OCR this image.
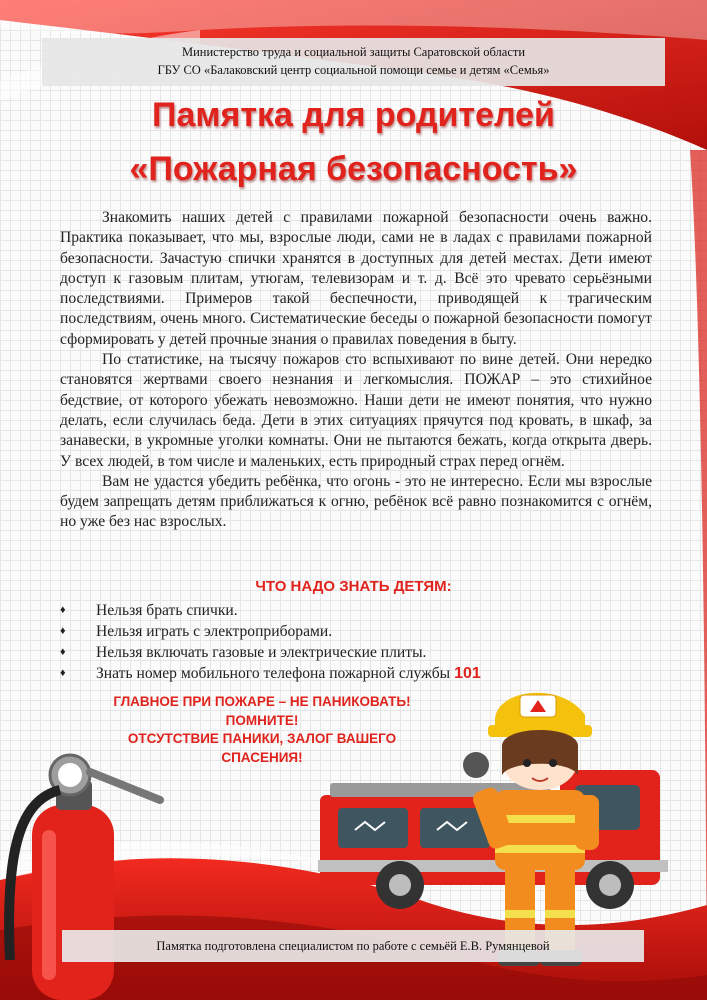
Министерство труда и социальной защиты Саратовской области
ГБУ СО «Балаковский центр социальной помощи семье и детям «Семья»
Памятка для родителей
«Пожарная безопасность»

Знакомить наших детей с правилами пожарной безопасности очень важно. Практика показывает, что мы, взрослые люди, сами не в ладах с правилами пожарной безопасности. Зачастую спички хранятся в доступных для детей местах. Дети имеют доступ к газовым плитам, утюгам, телевизорам и т. д. Всё это чревато серьёзными последствиями. Примеров такой беспечности, приводящей к трагическим последствиям, очень много. Систематические беседы о пожарной безопасности помогут сформировать у детей прочные знания о правилах поведения в быту.

По статистике, на тысячу пожаров сто вспыхивают по вине детей. Они нередко становятся жертвами своего незнания и легкомыслия. ПОЖАР – это стихийное бедствие, от которого убежать невозможно. Наши дети не имеют понятия, что нужно делать, если случилась беда. Дети в этих ситуациях прячутся под кровать, в шкаф, за занавески, в укромные уголки комнаты. Они не пытаются бежать, когда открыта дверь. У всех людей, в том числе и маленьких, есть природный страх перед огнём.

Вам не удастся убедить ребёнка, что огонь - это не интересно. Если мы взрослые будем запрещать детям приближаться к огню, ребёнок всё равно познакомится с огнём, но уже без нас взрослых.

ЧТО НАДО ЗНАТЬ ДЕТЯМ:
♦ Нельзя брать спички.
♦ Нельзя играть с электроприборами.
♦ Нельзя включать газовые и электрические плиты.
♦ Знать номер мобильного телефона пожарной службы 101
ГЛАВНОЕ ПРИ ПОЖАРЕ – НЕ ПАНИКОВАТЬ!
ПОМНИТЕ!
ОТСУТСТВИЕ ПАНИКИ, ЗАЛОГ ВАШЕГО
СПАСЕНИЯ!
Памятка подготовлена специалистом по работе с семьёй Е.В. Румянцевой
